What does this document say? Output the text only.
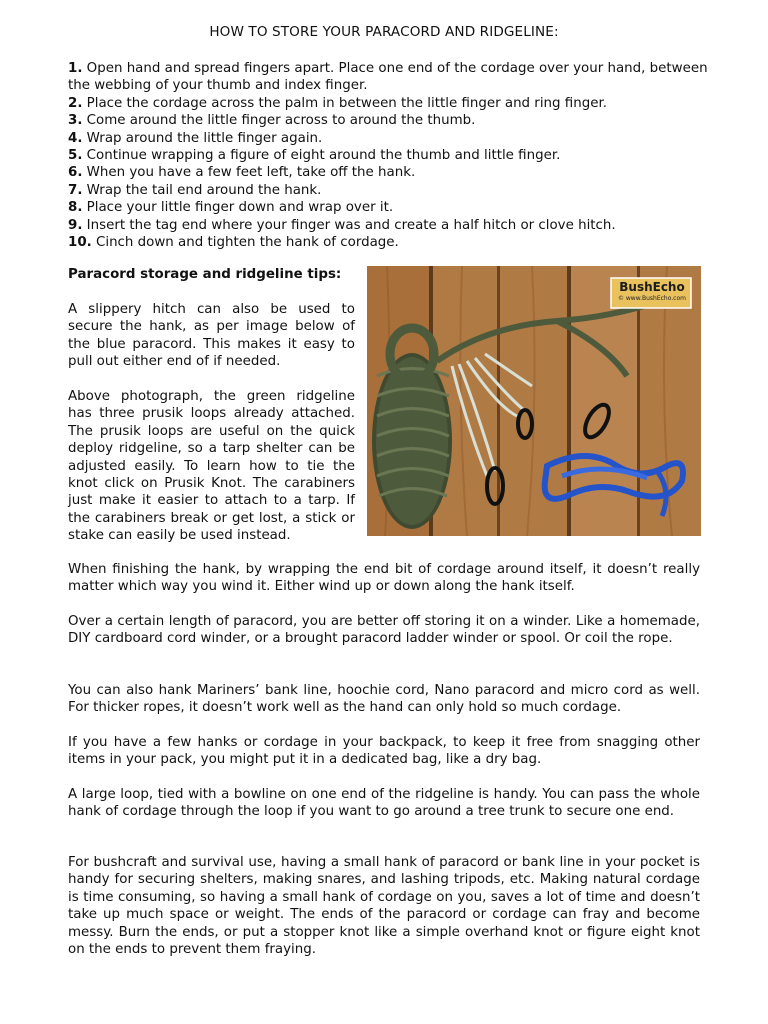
HOW TO STORE YOUR PARACORD AND RIDGELINE:

1. Open hand and spread fingers apart. Place one end of the cordage over your hand, between the webbing of your thumb and index finger.

2. Place the cordage across the palm in between the little finger and ring finger.

3. Come around the little finger across to around the thumb.

4. Wrap around the little finger again.

5. Continue wrapping a figure of eight around the thumb and little finger.

6. When you have a few feet left, take off the hank.

7. Wrap the tail end around the hank.

8. Place your little finger down and wrap over it.

9. Insert the tag end where your finger was and create a half hitch or clove hitch.

10. Cinch down and tighten the hank of cordage.

Paracord storage and ridgeline tips:

A slippery hitch can also be used to secure the hank, as per image below of the blue paracord. This makes it easy to pull out either end of if needed.

Above photograph, the green ridgeline has three prusik loops already attached. The prusik loops are useful on the quick deploy ridgeline, so a tarp shelter can be adjusted easily. To learn how to tie the knot click on Prusik Knot. The carabiners just make it easier to attach to a tarp. If the carabiners break or get lost, a stick or stake can easily be used instead.

BushEcho
© www.BushEcho.com

When finishing the hank, by wrapping the end bit of cordage around itself, it doesn’t really matter which way you wind it. Either wind up or down along the hank itself.

Over a certain length of paracord, you are better off storing it on a winder. Like a homemade, DIY cardboard cord winder, or a brought paracord ladder winder or spool. Or coil the rope.

You can also hank Mariners’ bank line, hoochie cord, Nano paracord and micro cord as well. For thicker ropes, it doesn’t work well as the hand can only hold so much cordage.

If you have a few hanks or cordage in your backpack, to keep it free from snagging other items in your pack, you might put it in a dedicated bag, like a dry bag.

A large loop, tied with a bowline on one end of the ridgeline is handy. You can pass the whole hank of cordage through the loop if you want to go around a tree trunk to secure one end.

For bushcraft and survival use, having a small hank of paracord or bank line in your pocket is handy for securing shelters, making snares, and lashing tripods, etc. Making natural cordage is time consuming, so having a small hank of cordage on you, saves a lot of time and doesn’t take up much space or weight. The ends of the paracord or cordage can fray and become messy. Burn the ends, or put a stopper knot like a simple overhand knot or figure eight knot on the ends to prevent them fraying.
